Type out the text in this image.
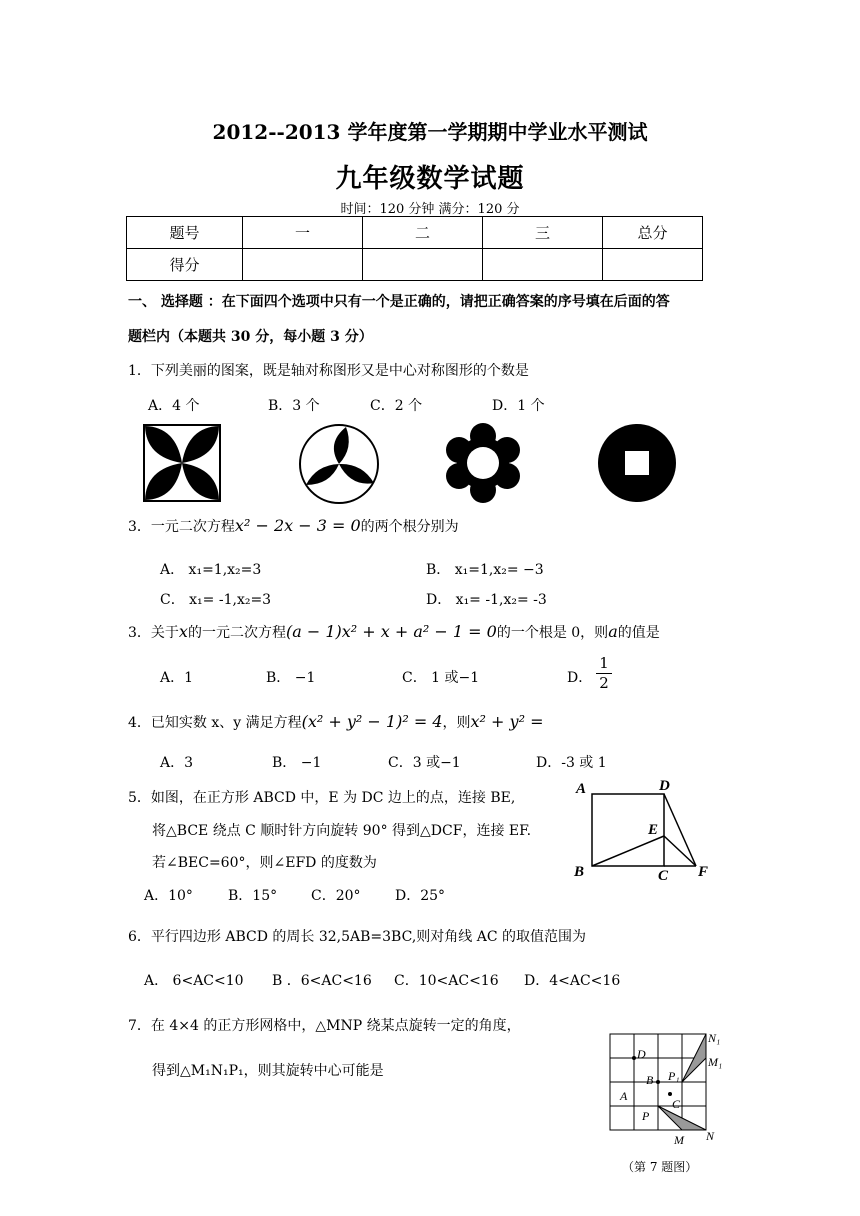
2012--2013 学年度第一学期期中学业水平测试
九年级数学试题
时间：120 分钟 满分：120 分
题号	一	二	三	总分
得分				
一、 选择题 ：在下面四个选项中只有一个是正确的，请把正确答案的序号填在后面的答
题栏内（本题共 30 分，每小题 3 分）
1．下列美丽的图案，既是轴对称图形又是中心对称图形的个数是
A．4 个	B．3 个	C．2 个	D．1 个
3．一元二次方程x² − 2x − 3 = 0的两个根分别为
A． x₁=1,x₂=3	B． x₁=1,x₂= −3
C． x₁= -1,x₂=3	D． x₁= -1,x₂= -3
3．关于x的一元二次方程(a − 1)x² + x + a² − 1 = 0的一个根是 0，则a的值是
A．1	B． −1	C． 1 或−1	D． $\frac{1}{2}$
4．已知实数 x、y 满足方程(x² + y² − 1)² = 4，则x² + y² =
A．3	B． −1	C．3 或−1	D．-3 或 1
5．如图，在正方形 ABCD 中，E 为 DC 边上的点，连接 BE,
将△BCE 绕点 C 顺时针方向旋转 90° 得到△DCF，连接 EF.
若∠BEC=60°，则∠EFD 的度数为
A．10°	B．15° C．20° D．25°
A	D
E
B	C F
6．平行四边形 ABCD 的周长 32,5AB=3BC,则对角线 AC 的取值范围为
A． 6<AC<10 B ．6<AC<16 C．10<AC<16 D．4<AC<16
7．在 4×4 的正方形网格中，△MNP 绕某点旋转一定的角度，
得到△M₁N₁P₁，则其旋转中心可能是
N₁
M₁
D
B P₁
A
C
P
M N
（第 7 题图）
